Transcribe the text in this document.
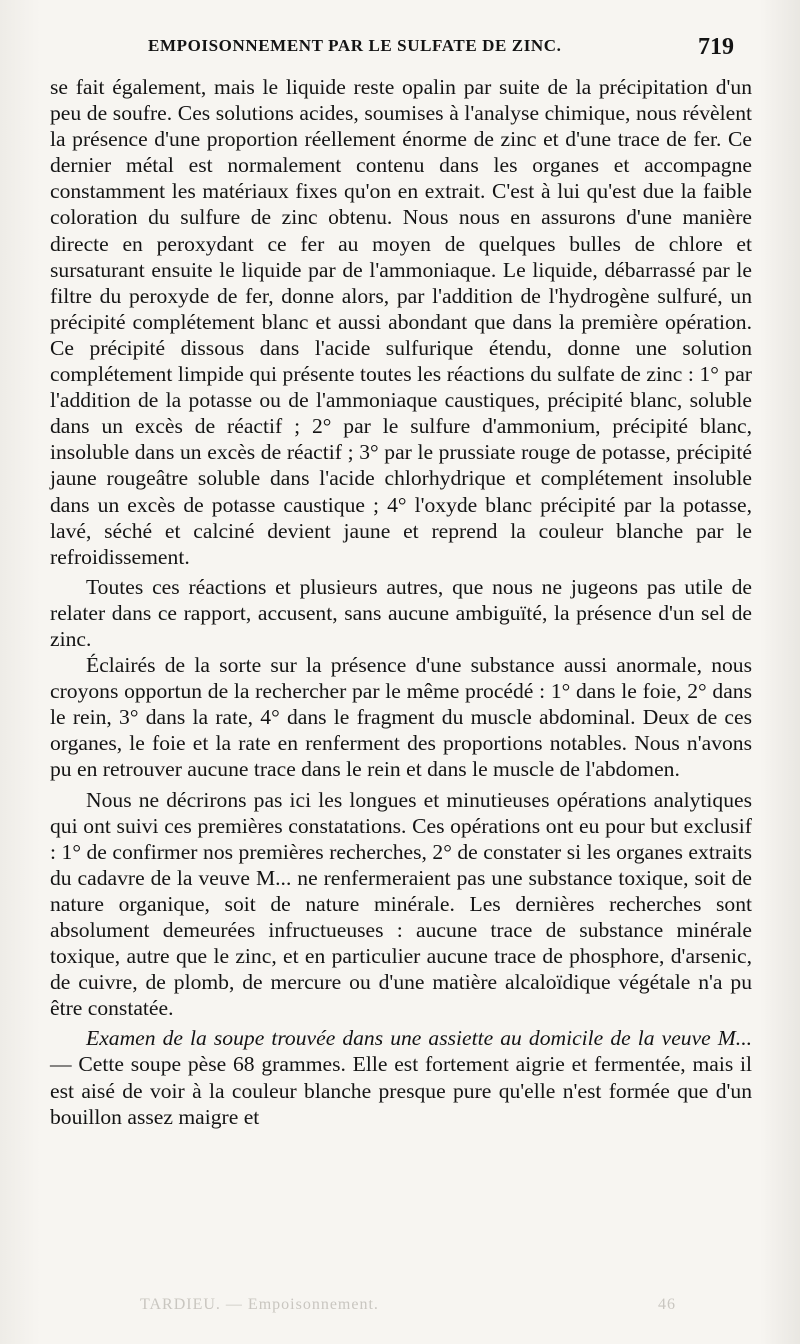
EMPOISONNEMENT PAR LE SULFATE DE ZINC.	719

se fait également, mais le liquide reste opalin par suite de la précipitation d'un peu de soufre. Ces solutions acides, soumises à l'analyse chimique, nous révèlent la présence d'une proportion réellement énorme de zinc et d'une trace de fer. Ce dernier métal est normalement contenu dans les organes et accompagne constamment les matériaux fixes qu'on en extrait. C'est à lui qu'est due la faible coloration du sulfure de zinc obtenu. Nous nous en assurons d'une manière directe en peroxydant ce fer au moyen de quelques bulles de chlore et sursaturant ensuite le liquide par de l'ammoniaque. Le liquide, débarrassé par le filtre du peroxyde de fer, donne alors, par l'addition de l'hydrogène sulfuré, un précipité complétement blanc et aussi abondant que dans la première opération. Ce précipité dissous dans l'acide sulfurique étendu, donne une solution complétement limpide qui présente toutes les réactions du sulfate de zinc : 1° par l'addition de la potasse ou de l'ammoniaque caustiques, précipité blanc, soluble dans un excès de réactif ; 2° par le sulfure d'ammonium, précipité blanc, insoluble dans un excès de réactif ; 3° par le prussiate rouge de potasse, précipité jaune rougeâtre soluble dans l'acide chlorhydrique et complétement insoluble dans un excès de potasse caustique ; 4° l'oxyde blanc précipité par la potasse, lavé, séché et calciné devient jaune et reprend la couleur blanche par le refroidissement.

Toutes ces réactions et plusieurs autres, que nous ne jugeons pas utile de relater dans ce rapport, accusent, sans aucune ambiguïté, la présence d'un sel de zinc.

Éclairés de la sorte sur la présence d'une substance aussi anormale, nous croyons opportun de la rechercher par le même procédé : 1° dans le foie, 2° dans le rein, 3° dans la rate, 4° dans le fragment du muscle abdominal. Deux de ces organes, le foie et la rate en renferment des proportions notables. Nous n'avons pu en retrouver aucune trace dans le rein et dans le muscle de l'abdomen.

Nous ne décrirons pas ici les longues et minutieuses opérations analytiques qui ont suivi ces premières constatations. Ces opérations ont eu pour but exclusif : 1° de confirmer nos premières recherches, 2° de constater si les organes extraits du cadavre de la veuve M... ne renfermeraient pas une substance toxique, soit de nature organique, soit de nature minérale. Les dernières recherches sont absolument demeurées infructueuses : aucune trace de substance minérale toxique, autre que le zinc, et en particulier aucune trace de phosphore, d'arsenic, de cuivre, de plomb, de mercure ou d'une matière alcaloïdique végétale n'a pu être constatée.

Examen de la soupe trouvée dans une assiette au domicile de la veuve M... — Cette soupe pèse 68 grammes. Elle est fortement aigrie et fermentée, mais il est aisé de voir à la couleur blanche presque pure qu'elle n'est formée que d'un bouillon assez maigre et

TARDIEU. — Empoisonnement.	46
